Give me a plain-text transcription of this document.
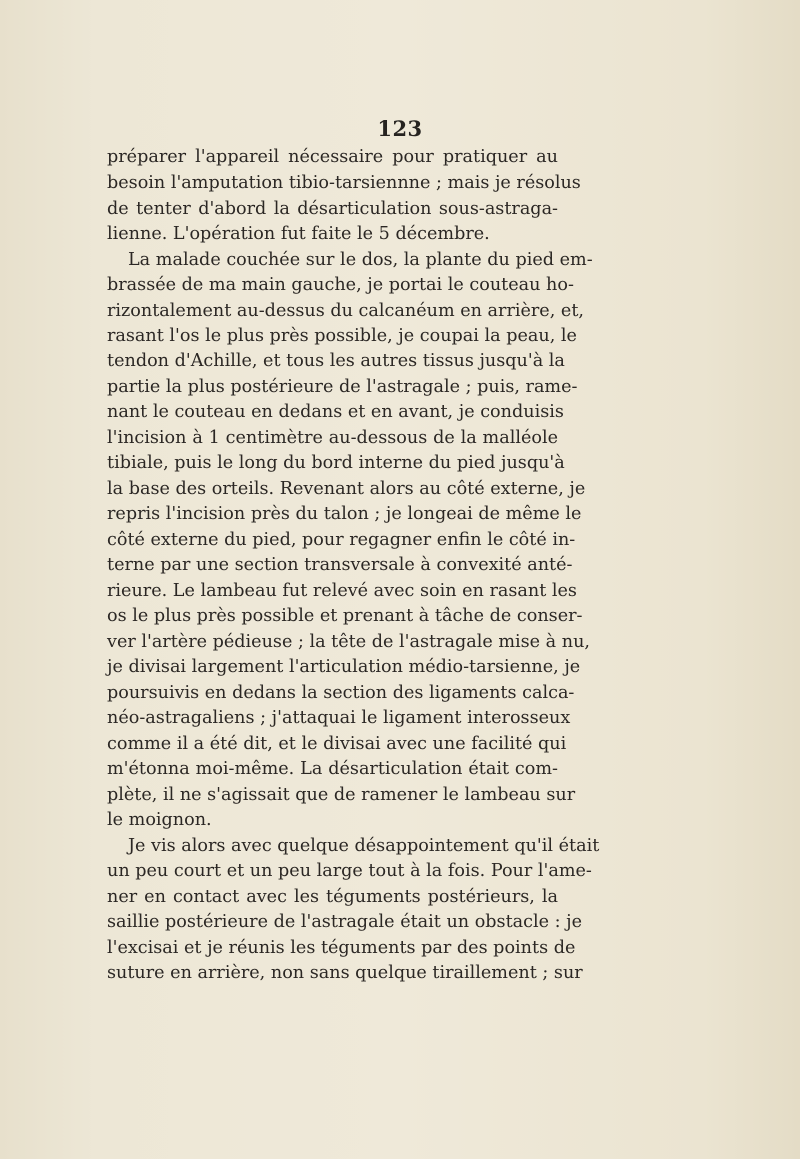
123
préparer l'appareil nécessaire pour pratiquer au
besoin l'amputation tibio-tarsiennne ; mais je résolus
de tenter d'abord la désarticulation sous-astraga-
lienne. L'opération fut faite le 5 décembre.
La malade couchée sur le dos, la plante du pied em-
brassée de ma main gauche, je portai le couteau ho-
rizontalement au-dessus du calcanéum en arrière, et,
rasant l'os le plus près possible, je coupai la peau, le
tendon d'Achille, et tous les autres tissus jusqu'à la
partie la plus postérieure de l'astragale ; puis, rame-
nant le couteau en dedans et en avant, je conduisis
l'incision à 1 centimètre au-dessous de la malléole
tibiale, puis le long du bord interne du pied jusqu'à
la base des orteils. Revenant alors au côté externe, je
repris l'incision près du talon ; je longeai de même le
côté externe du pied, pour regagner enfin le côté in-
terne par une section transversale à convexité anté-
rieure. Le lambeau fut relevé avec soin en rasant les
os le plus près possible et prenant à tâche de conser-
ver l'artère pédieuse ; la tête de l'astragale mise à nu,
je divisai largement l'articulation médio-tarsienne, je
poursuivis en dedans la section des ligaments calca-
néo-astragaliens ; j'attaquai le ligament interosseux
comme il a été dit, et le divisai avec une facilité qui
m'étonna moi-même. La désarticulation était com-
plète, il ne s'agissait que de ramener le lambeau sur
le moignon.
Je vis alors avec quelque désappointement qu'il était
un peu court et un peu large tout à la fois. Pour l'ame-
ner en contact avec les téguments postérieurs, la
saillie postérieure de l'astragale était un obstacle : je
l'excisai et je réunis les téguments par des points de
suture en arrière, non sans quelque tiraillement ; sur
